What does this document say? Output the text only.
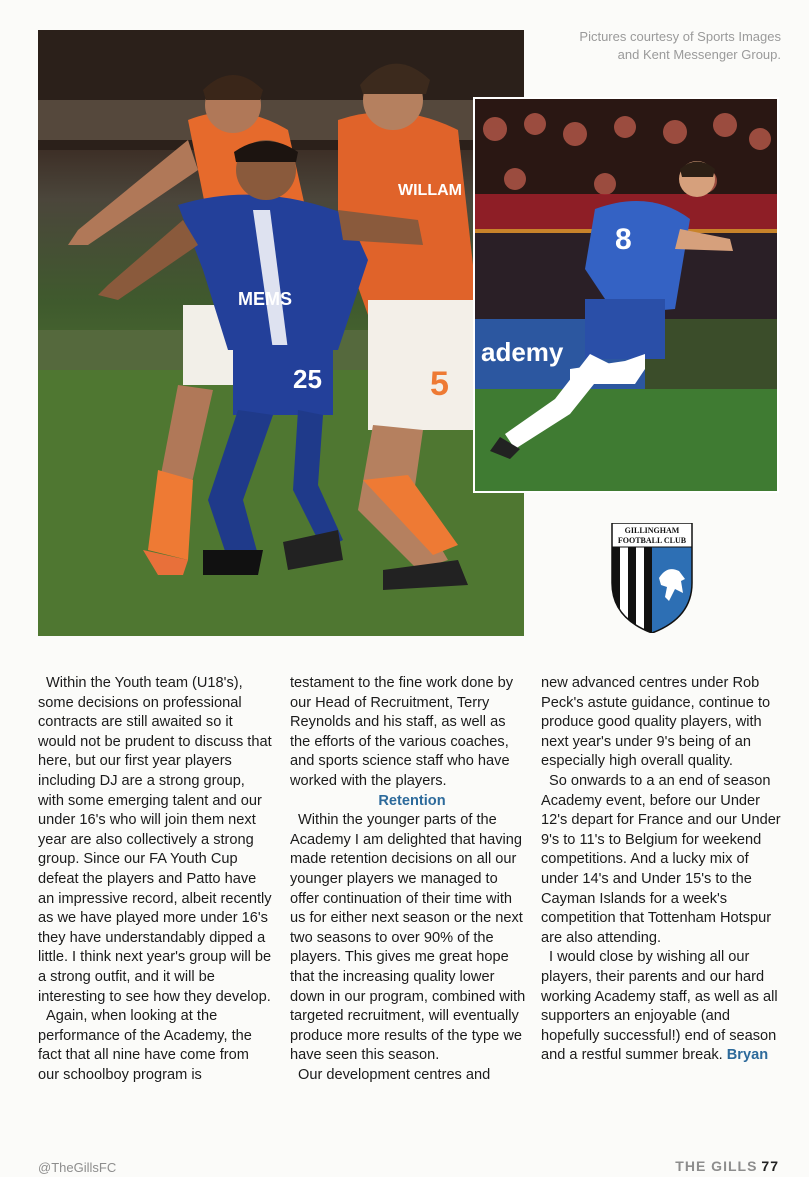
WILLAM
5
MEMS
25
ademy
8
Pictures courtesy of Sports Images
and Kent Messenger Group.
GILLINGHAM
FOOTBALL CLUB

Within the Youth team (U18's), some decisions on professional contracts are still awaited so it would not be prudent to discuss that here, but our first year players including DJ are a strong group, with some emerging talent and our under 16's who will join them next year are also collectively a strong group. Since our FA Youth Cup defeat the players and Patto have an impressive record, albeit recently as we have played more under 16's they have understandably dipped a little. I think next year's group will be a strong outfit, and it will be interesting to see how they develop.

Again, when looking at the performance of the Academy, the fact that all nine have come from our schoolboy program is

testament to the fine work done by our Head of Recruitment, Terry Reynolds and his staff, as well as the efforts of the various coaches, and sports science staff who have worked with the players.

Retention

Within the younger parts of the Academy I am delighted that having made retention decisions on all our younger players we managed to offer continuation of their time with us for either next season or the next two seasons to over 90% of the players. This gives me great hope that the increasing quality lower down in our program, combined with targeted recruitment, will eventually produce more results of the type we have seen this season.

Our development centres and

new advanced centres under Rob Peck's astute guidance, continue to produce good quality players, with next year's under 9's being of an especially high overall quality.

So onwards to a an end of season Academy event, before our Under 12's depart for France and our Under 9's to 11's to Belgium for weekend competitions. And a lucky mix of under 14's and Under 15's to the Cayman Islands for a week's competition that Tottenham Hotspur are also attending.

I would close by wishing all our players, their parents and our hard working Academy staff, as well as all supporters an enjoyable (and hopefully successful!) end of season and a restful summer break. Bryan

@TheGillsFC	THE GILLS 77
